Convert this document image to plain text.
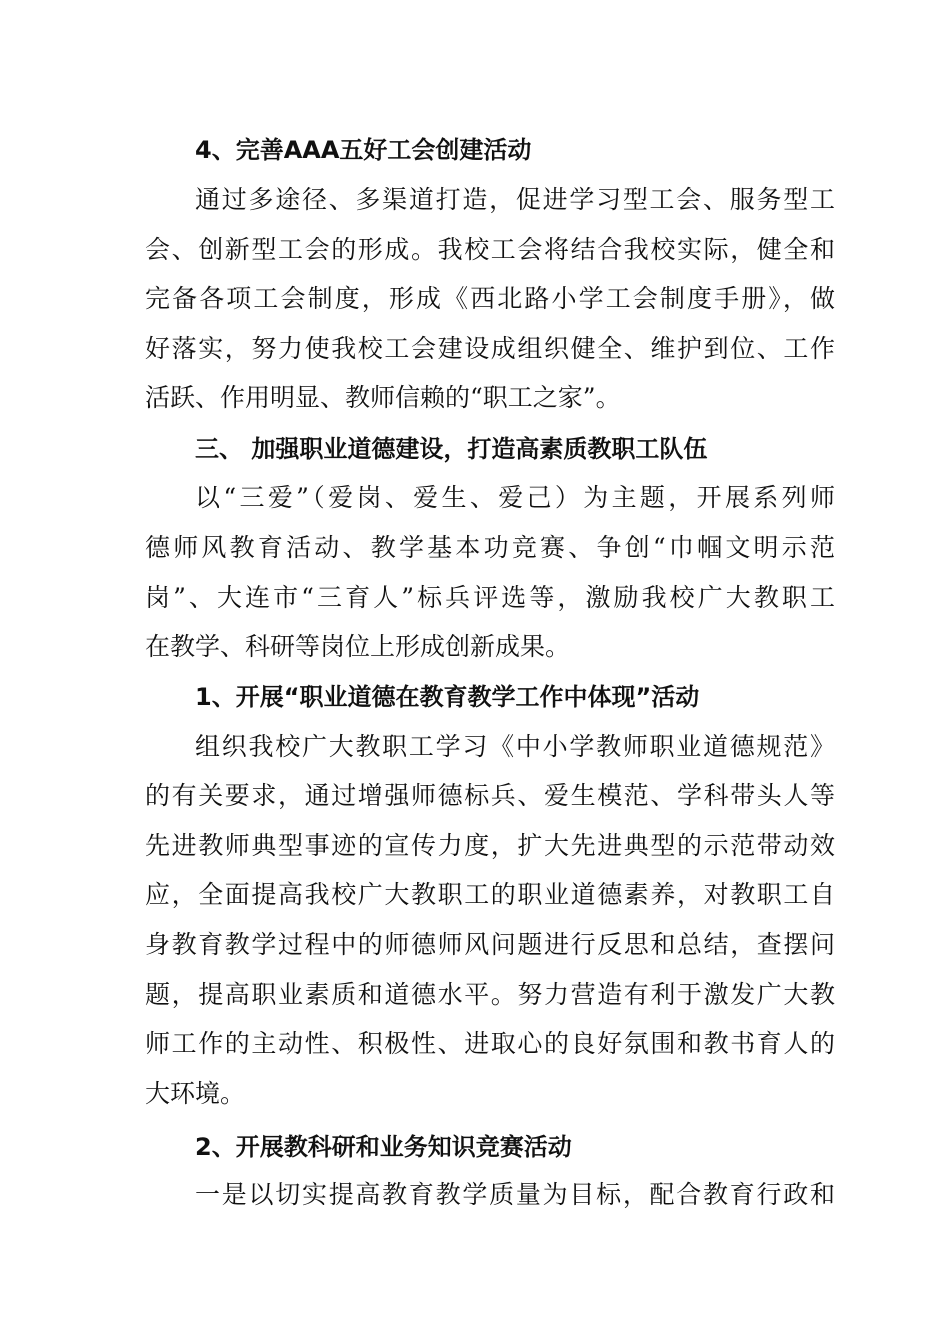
4、完善AAA五好工会创建活动

通过多途径、多渠道打造，促进学习型工会、服务型工

会、创新型工会的形成。我校工会将结合我校实际，健全和

完备各项工会制度，形成《西北路小学工会制度手册》，做

好落实，努力使我校工会建设成组织健全、维护到位、工作

活跃、作用明显、教师信赖的“职工之家”。

三、 加强职业道德建设，打造高素质教职工队伍

以“三爱”（爱岗、爱生、爱己）为主题，开展系列师

德师风教育活动、教学基本功竞赛、争创“巾帼文明示范

岗”、大连市“三育人”标兵评选等，激励我校广大教职工

在教学、科研等岗位上形成创新成果。

1、开展“职业道德在教育教学工作中体现”活动

组织我校广大教职工学习《中小学教师职业道德规范》

的有关要求，通过增强师德标兵、爱生模范、学科带头人等

先进教师典型事迹的宣传力度，扩大先进典型的示范带动效

应，全面提高我校广大教职工的职业道德素养，对教职工自

身教育教学过程中的师德师风问题进行反思和总结，查摆问

题，提高职业素质和道德水平。努力营造有利于激发广大教

师工作的主动性、积极性、进取心的良好氛围和教书育人的

大环境。

2、开展教科研和业务知识竞赛活动

一是以切实提高教育教学质量为目标，配合教育行政和
